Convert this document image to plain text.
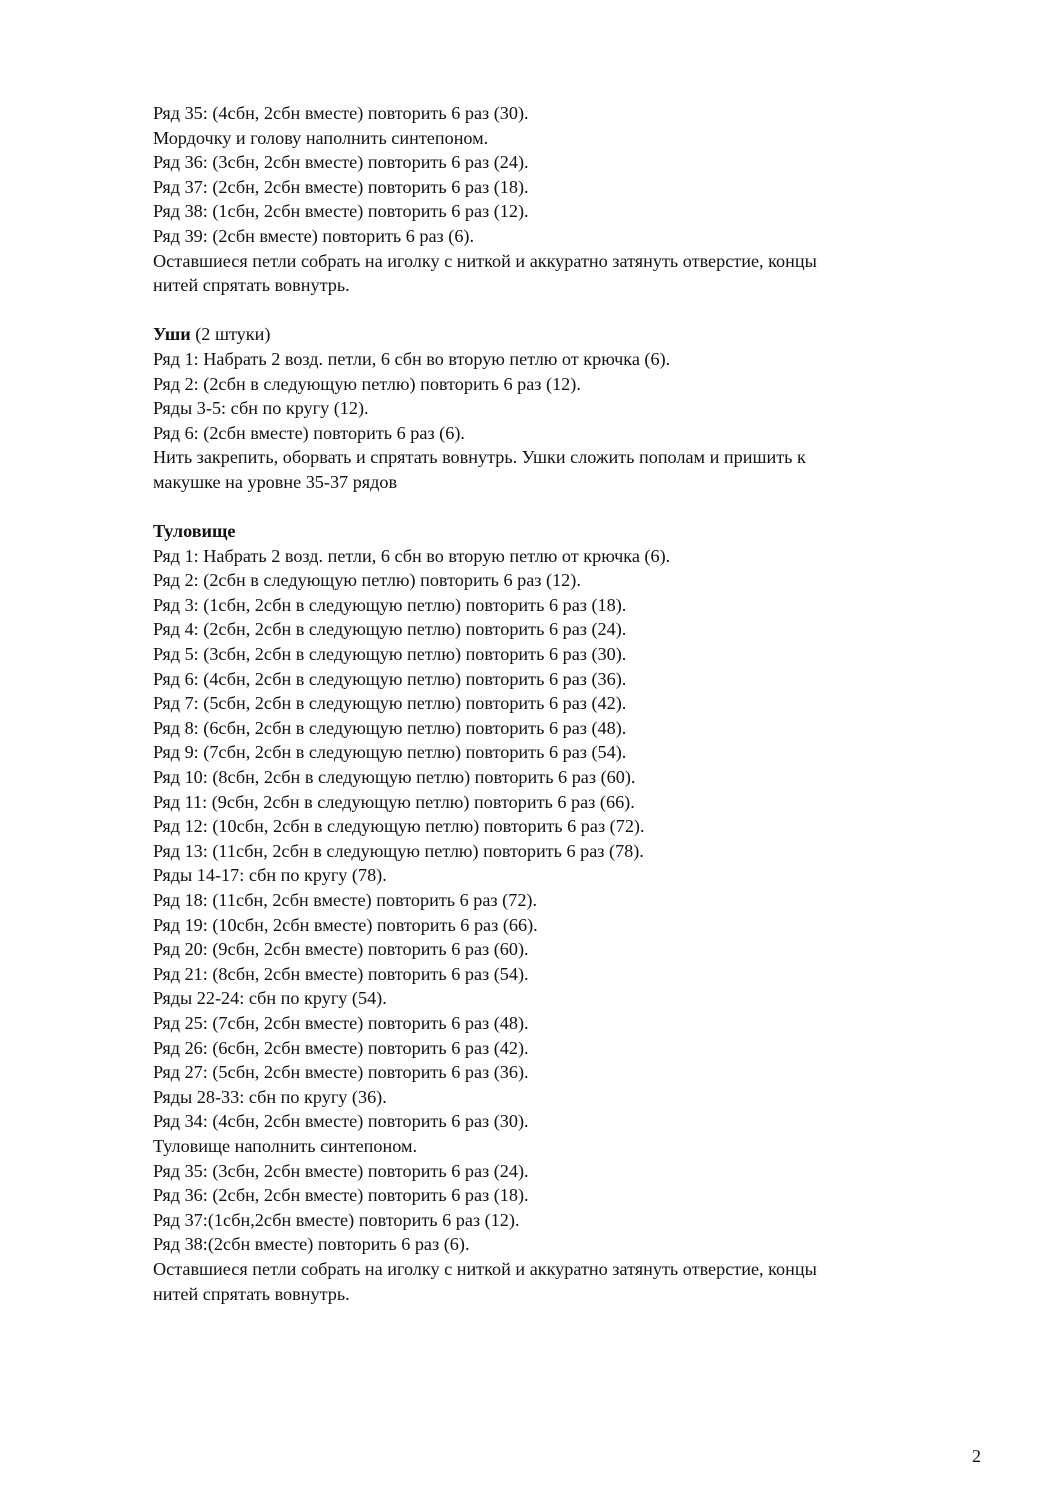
Ряд 35: (4сбн, 2сбн вместе) повторить 6 раз (30).

Мордочку и голову наполнить синтепоном.

Ряд 36: (3сбн, 2сбн вместе) повторить 6 раз (24).

Ряд 37: (2сбн, 2сбн вместе) повторить 6 раз (18).

Ряд 38: (1сбн, 2сбн вместе) повторить 6 раз (12).

Ряд 39: (2сбн вместе) повторить 6 раз (6).

Оставшиеся петли собрать на иголку с ниткой и аккуратно затянуть отверстие, концы

нитей спрятать вовнутрь.

Уши (2 штуки)

Ряд 1: Набрать 2 возд. петли, 6 сбн во вторую петлю от крючка (6).

Ряд 2: (2сбн в следующую петлю) повторить 6 раз (12).

Ряды 3-5: сбн по кругу (12).

Ряд 6: (2сбн вместе) повторить 6 раз (6).

Нить закрепить, оборвать и спрятать вовнутрь. Ушки сложить пополам и пришить к

макушке на уровне 35-37 рядов

Туловище

Ряд 1: Набрать 2 возд. петли, 6 сбн во вторую петлю от крючка (6).

Ряд 2: (2сбн в следующую петлю) повторить 6 раз (12).

Ряд 3: (1сбн, 2сбн в следующую петлю) повторить 6 раз (18).

Ряд 4: (2сбн, 2сбн в следующую петлю) повторить 6 раз (24).

Ряд 5: (3сбн, 2сбн в следующую петлю) повторить 6 раз (30).

Ряд 6: (4сбн, 2сбн в следующую петлю) повторить 6 раз (36).

Ряд 7: (5сбн, 2сбн в следующую петлю) повторить 6 раз (42).

Ряд 8: (6сбн, 2сбн в следующую петлю) повторить 6 раз (48).

Ряд 9: (7сбн, 2сбн в следующую петлю) повторить 6 раз (54).

Ряд 10: (8сбн, 2сбн в следующую петлю) повторить 6 раз (60).

Ряд 11: (9сбн, 2сбн в следующую петлю) повторить 6 раз (66).

Ряд 12: (10сбн, 2сбн в следующую петлю) повторить 6 раз (72).

Ряд 13: (11сбн, 2сбн в следующую петлю) повторить 6 раз (78).

Ряды 14-17: сбн по кругу (78).

Ряд 18: (11сбн, 2сбн вместе) повторить 6 раз (72).

Ряд 19: (10сбн, 2сбн вместе) повторить 6 раз (66).

Ряд 20: (9сбн, 2сбн вместе) повторить 6 раз (60).

Ряд 21: (8сбн, 2сбн вместе) повторить 6 раз (54).

Ряды 22-24: сбн по кругу (54).

Ряд 25: (7сбн, 2сбн вместе) повторить 6 раз (48).

Ряд 26: (6сбн, 2сбн вместе) повторить 6 раз (42).

Ряд 27: (5сбн, 2сбн вместе) повторить 6 раз (36).

Ряды 28-33: сбн по кругу (36).

Ряд 34: (4сбн, 2сбн вместе) повторить 6 раз (30).

Туловище наполнить синтепоном.

Ряд 35: (3сбн, 2сбн вместе) повторить 6 раз (24).

Ряд 36: (2сбн, 2сбн вместе) повторить 6 раз (18).

Ряд 37:(1сбн,2сбн вместе) повторить 6 раз (12).

Ряд 38:(2сбн вместе) повторить 6 раз (6).

Оставшиеся петли собрать на иголку с ниткой и аккуратно затянуть отверстие, концы

нитей спрятать вовнутрь.

2
